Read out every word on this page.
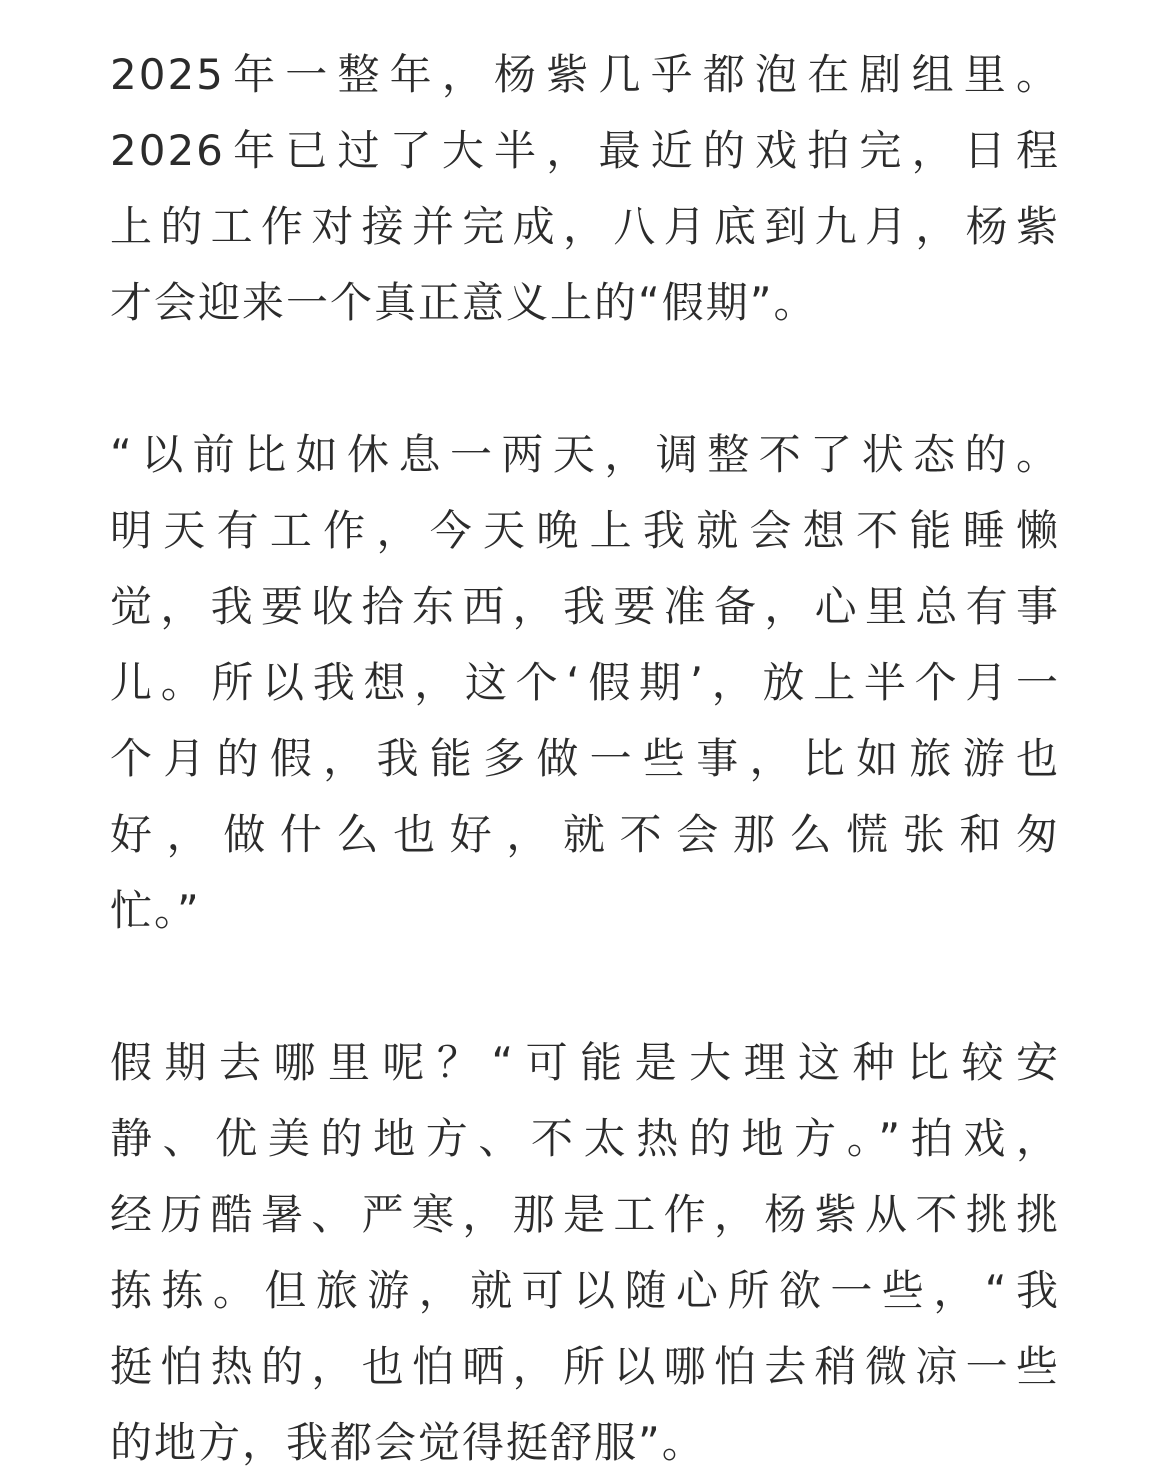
2025年一整年，杨紫几乎都泡在剧组里。
2026年已过了大半，最近的戏拍完，日程
上的工作对接并完成，八月底到九月，杨紫
才会迎来一个真正意义上的“假期”。

“以前比如休息一两天，调整不了状态的。
明天有工作，今天晚上我就会想不能睡懒
觉，我要收拾东西，我要准备，心里总有事
儿。所以我想，这个‘假期’，放上半个月一
个月的假，我能多做一些事，比如旅游也
好，做什么也好，就不会那么慌张和匆
忙。”

假期去哪里呢？“可能是大理这种比较安
静、优美的地方、不太热的地方。”拍戏，
经历酷暑、严寒，那是工作，杨紫从不挑挑
拣拣。但旅游，就可以随心所欲一些，“我
挺怕热的，也怕晒，所以哪怕去稍微凉一些
的地方，我都会觉得挺舒服”。
